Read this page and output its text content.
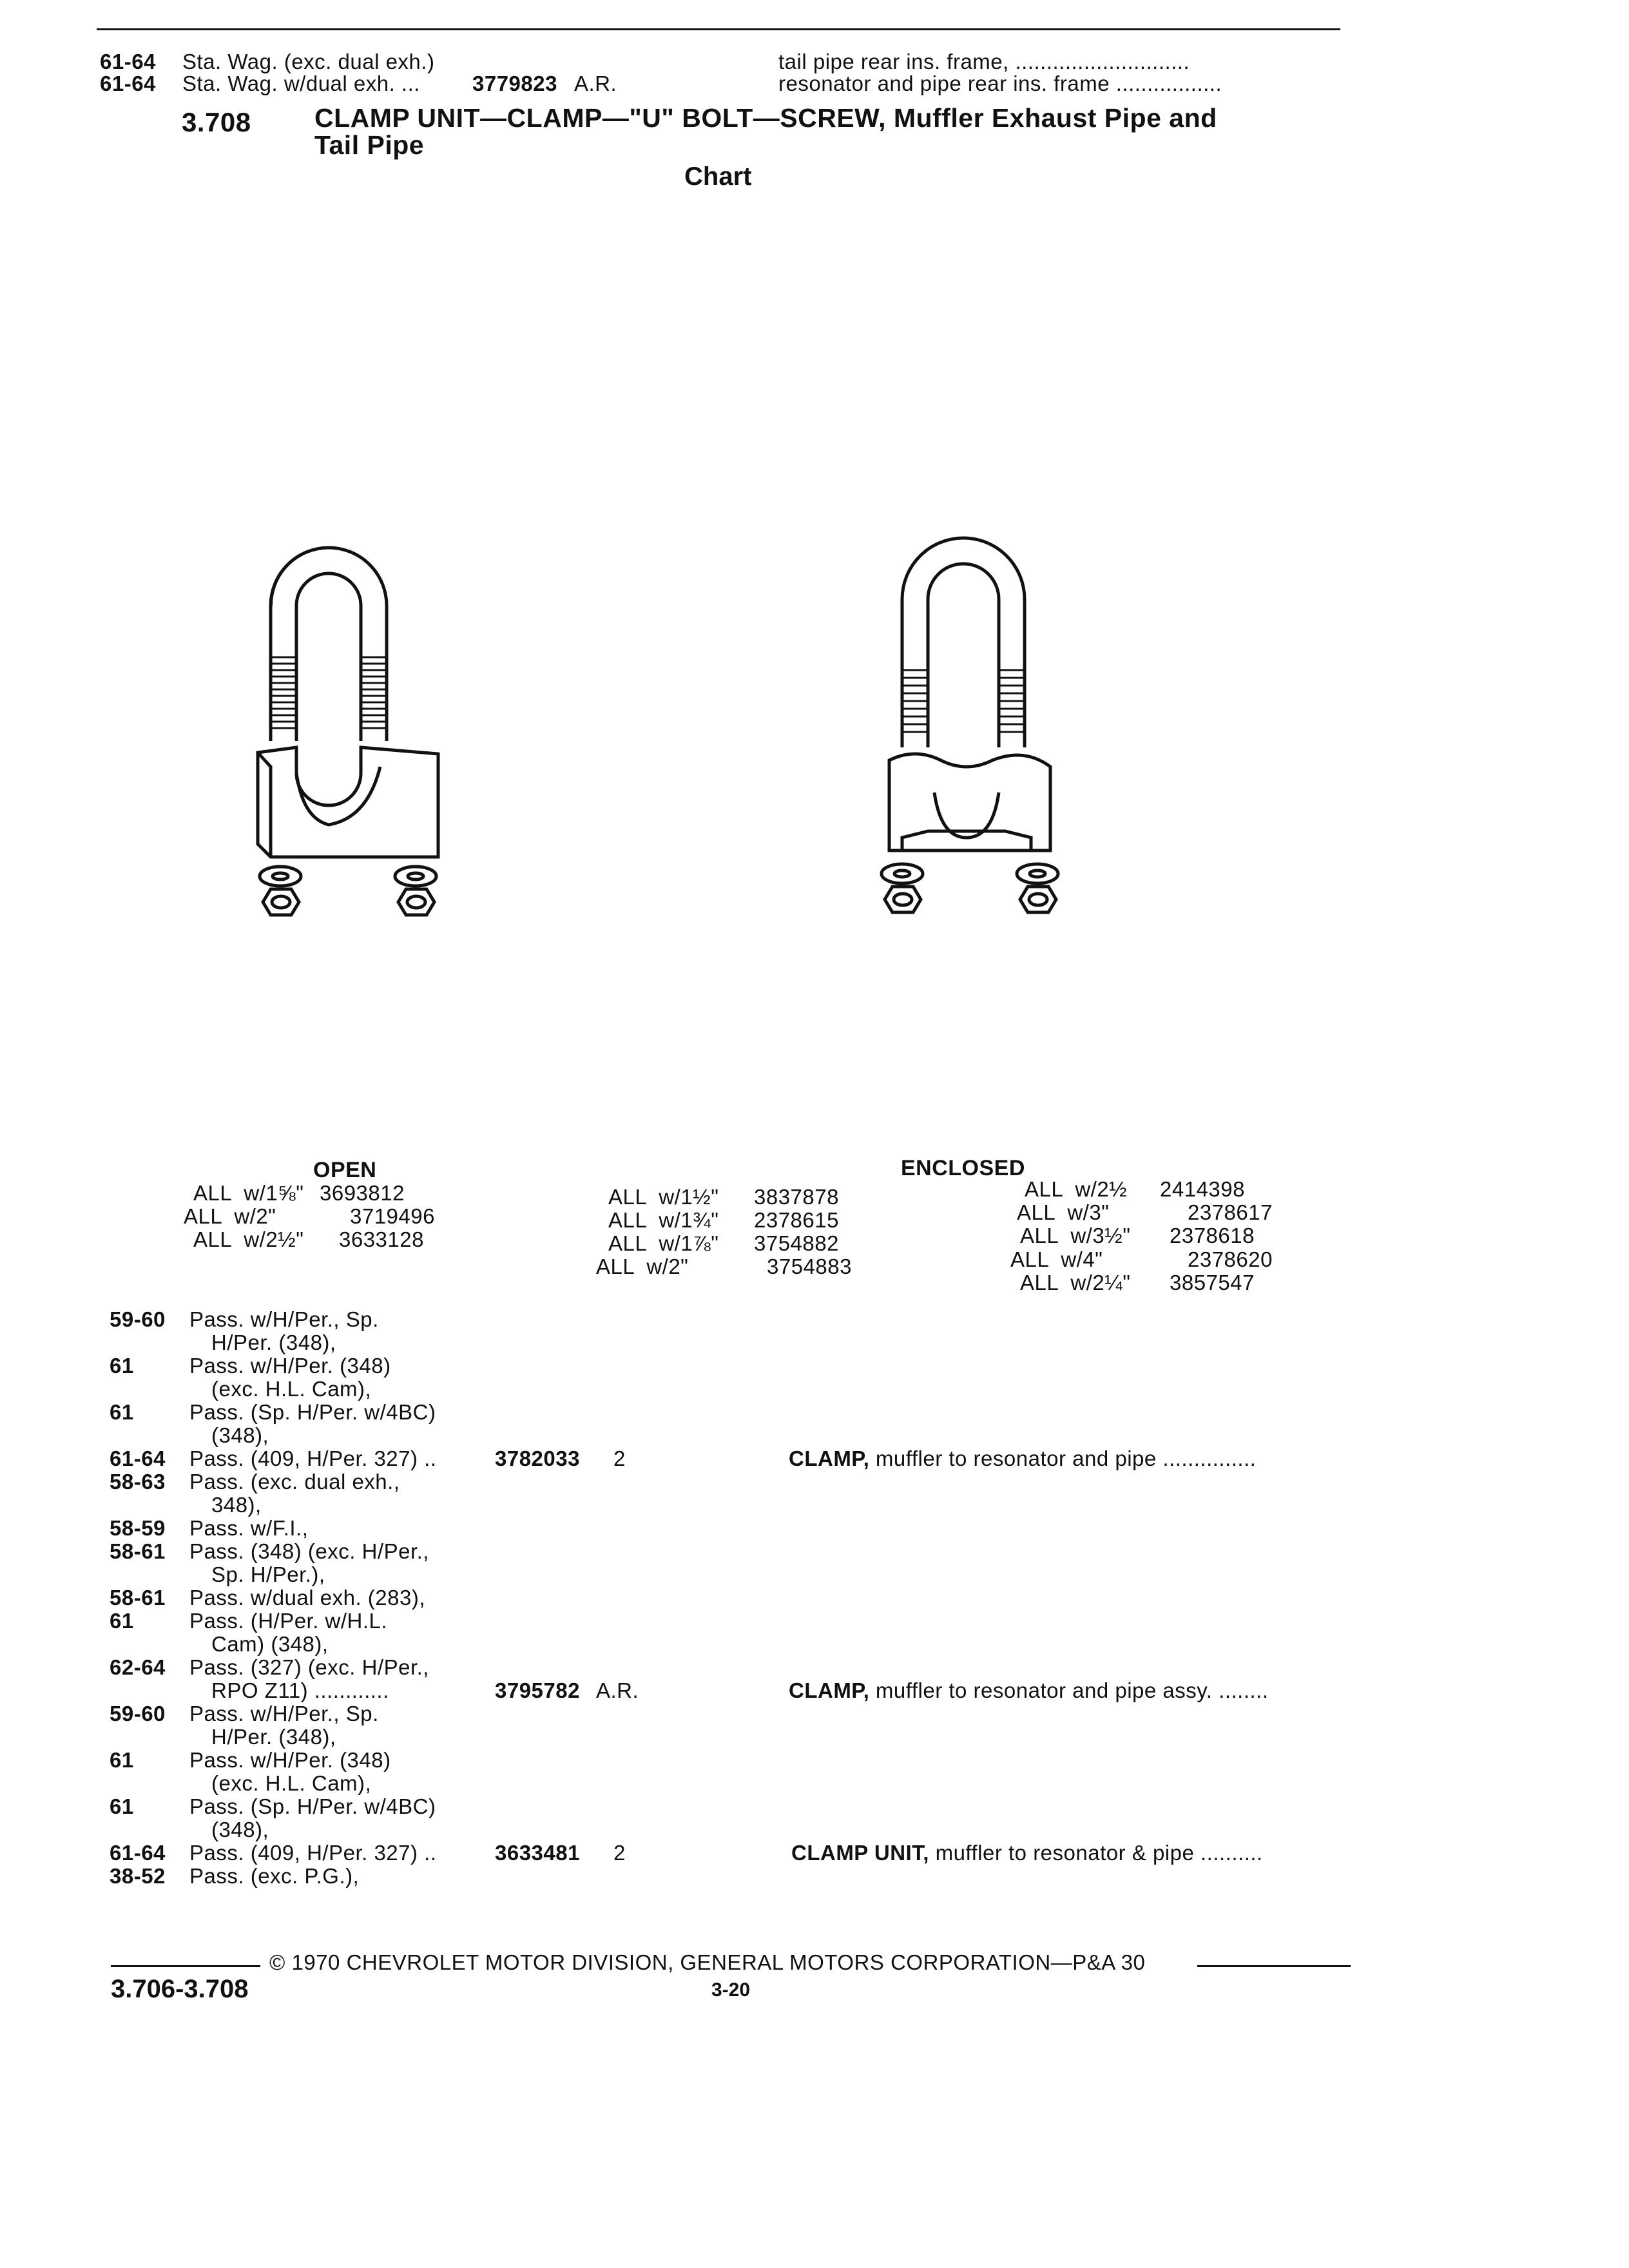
61-64 Sta. Wag. (exc. dual exh.)	tail pipe rear ins. frame, ............................
61-64 Sta. Wag. w/dual exh. ... 3779823 A.R.	resonator and pipe rear ins. frame .................
3.708 CLAMP UNIT—CLAMP—"U" BOLT—SCREW, Muffler Exhaust Pipe and
Tail Pipe
Chart
OPEN
ALL  w/1⅝" 3693812
ALL  w/2"	3719496
ALL  w/2½" 3633128
ENCLOSED
ALL  w/1½" 3837878
ALL  w/1¾" 2378615
ALL  w/1⅞" 3754882
ALL  w/2"	3754883
ALL  w/2½ 2414398
ALL  w/3"	2378617
ALL  w/3½" 2378618
ALL  w/4"	2378620
ALL  w/2¼" 3857547
59-60 Pass. w/H/Per., Sp.
H/Per. (348),
61	Pass. w/H/Per. (348)
(exc. H.L. Cam),
61	Pass. (Sp. H/Per. w/4BC)
(348),
61-64 Pass. (409, H/Per. 327) ..	3782033 2	CLAMP, muffler to resonator and pipe ...............
58-63 Pass. (exc. dual exh.,
348),
58-59 Pass. w/F.I.,
58-61 Pass. (348) (exc. H/Per.,
Sp. H/Per.),
58-61 Pass. w/dual exh. (283),
61	Pass. (H/Per. w/H.L.
Cam) (348),
62-64 Pass. (327) (exc. H/Per.,
RPO Z11) ............	3795782 A.R.	CLAMP, muffler to resonator and pipe assy. ........
59-60 Pass. w/H/Per., Sp.
H/Per. (348),
61	Pass. w/H/Per. (348)
(exc. H.L. Cam),
61	Pass. (Sp. H/Per. w/4BC)
(348),
61-64 Pass. (409, H/Per. 327) ..	3633481 2	CLAMP UNIT, muffler to resonator & pipe ..........
38-52 Pass. (exc. P.G.),
© 1970 CHEVROLET MOTOR DIVISION, GENERAL MOTORS CORPORATION—P&A 30
3.706-3.708	3-20
